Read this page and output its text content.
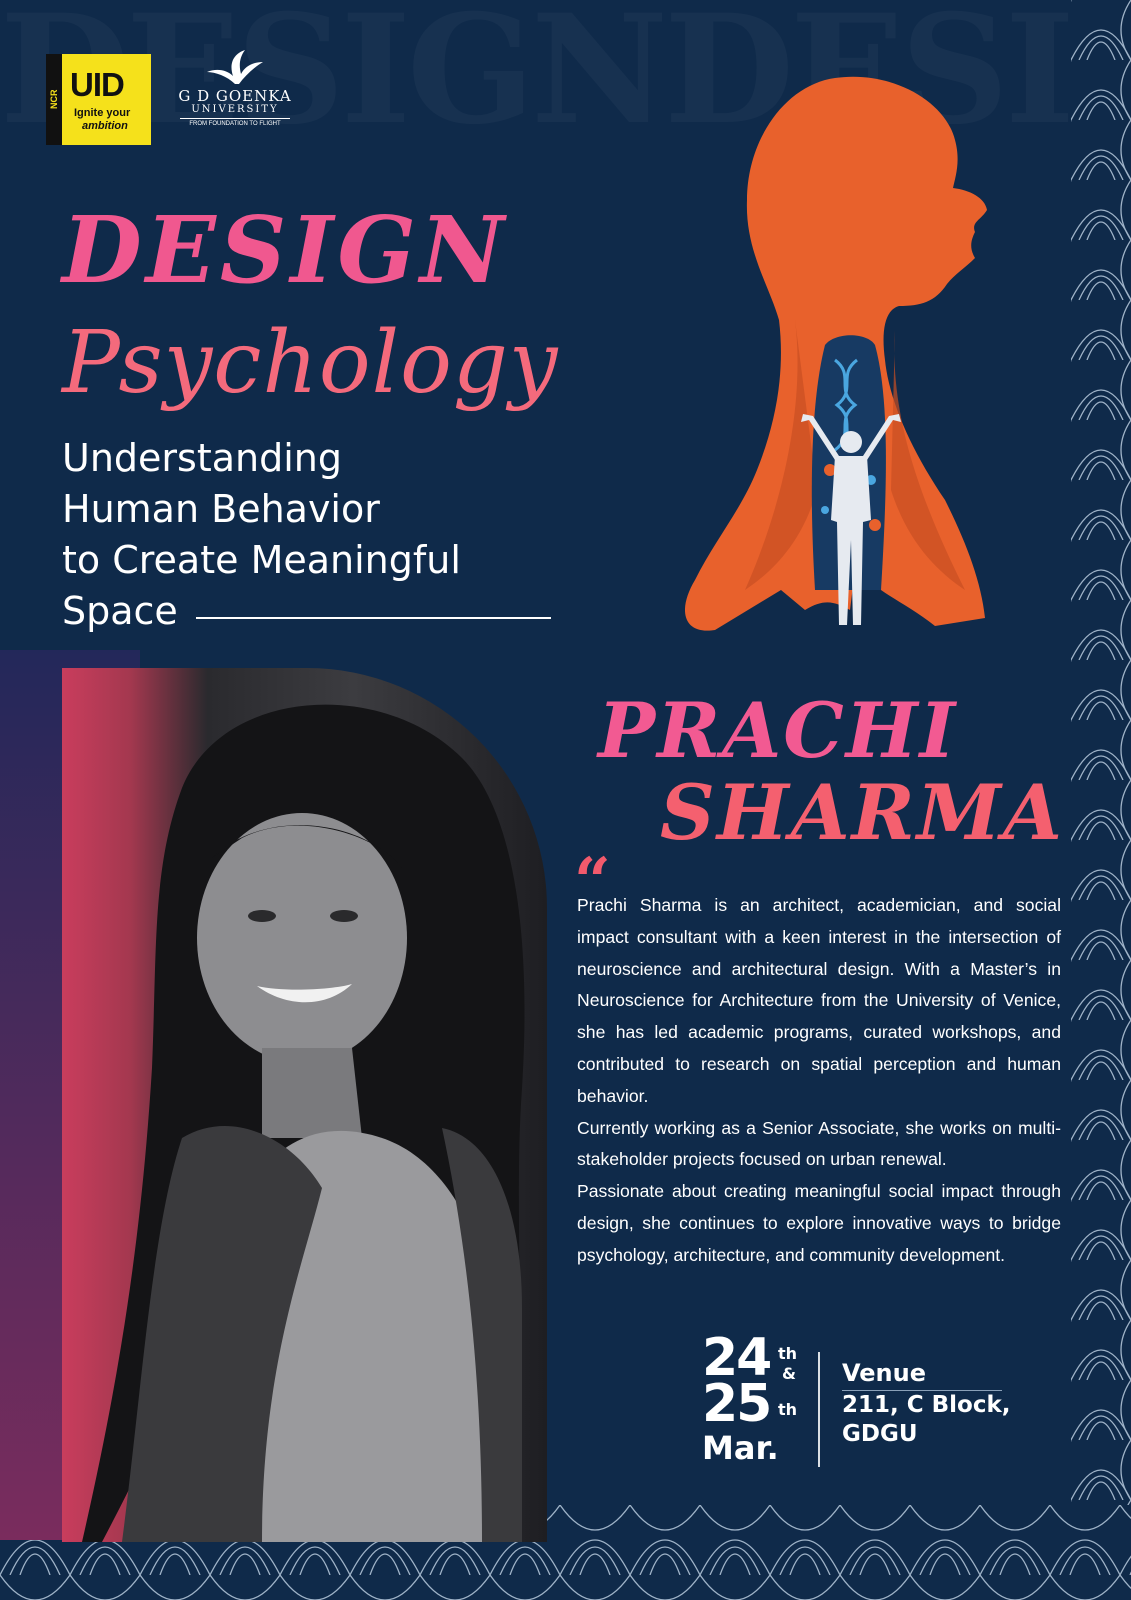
NCR UID
Ignite your
ambition
G D GOENKA
UNIVERSITY
FROM FOUNDATION TO FLIGHT
DESIGN
Psychology
Understanding
Human Behavior
to Create Meaningful
Space
PRACHI
SHARMA
“

Prachi Sharma is an architect, academician, and social impact consultant with a keen interest in the intersection of neuroscience and architectural design. With a Master’s in Neuroscience for Architecture from the University of Venice, she has led academic programs, curated workshops, and contributed to research on spatial perception and human behavior.

Currently working as a Senior Associate, she works on multi-stakeholder projects focused on urban renewal.

Passionate about creating meaningful social impact through design, she continues to explore innovative ways to bridge psychology, architecture, and community development.

24 th
&
25 th
Mar.
Venue
211, C Block,
GDGU
